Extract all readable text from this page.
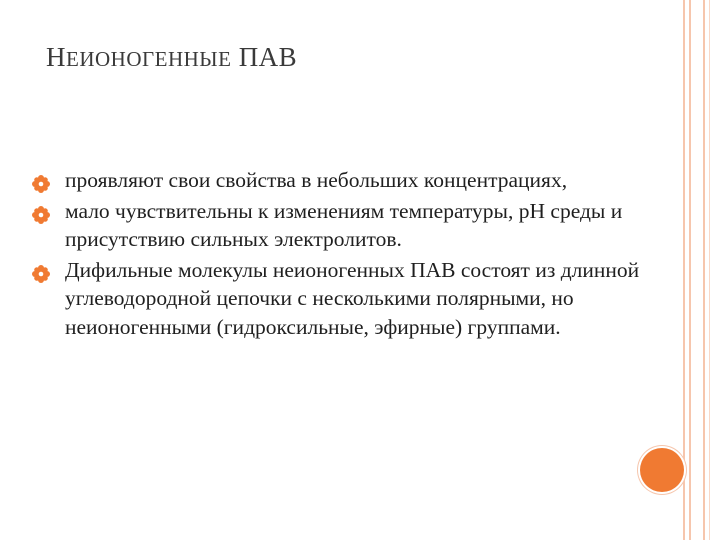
НЕИОНОГЕННЫЕ ПАВ
проявляют свои свойства в небольших концентрациях,
мало чувствительны к изменениям температуры, рН среды и присутствию сильных электролитов.
Дифильные молекулы неионогенных ПАВ состоят из длинной углеводородной цепочки с несколькими полярными, но неионогенными (гидроксильные, эфирные) группами.
